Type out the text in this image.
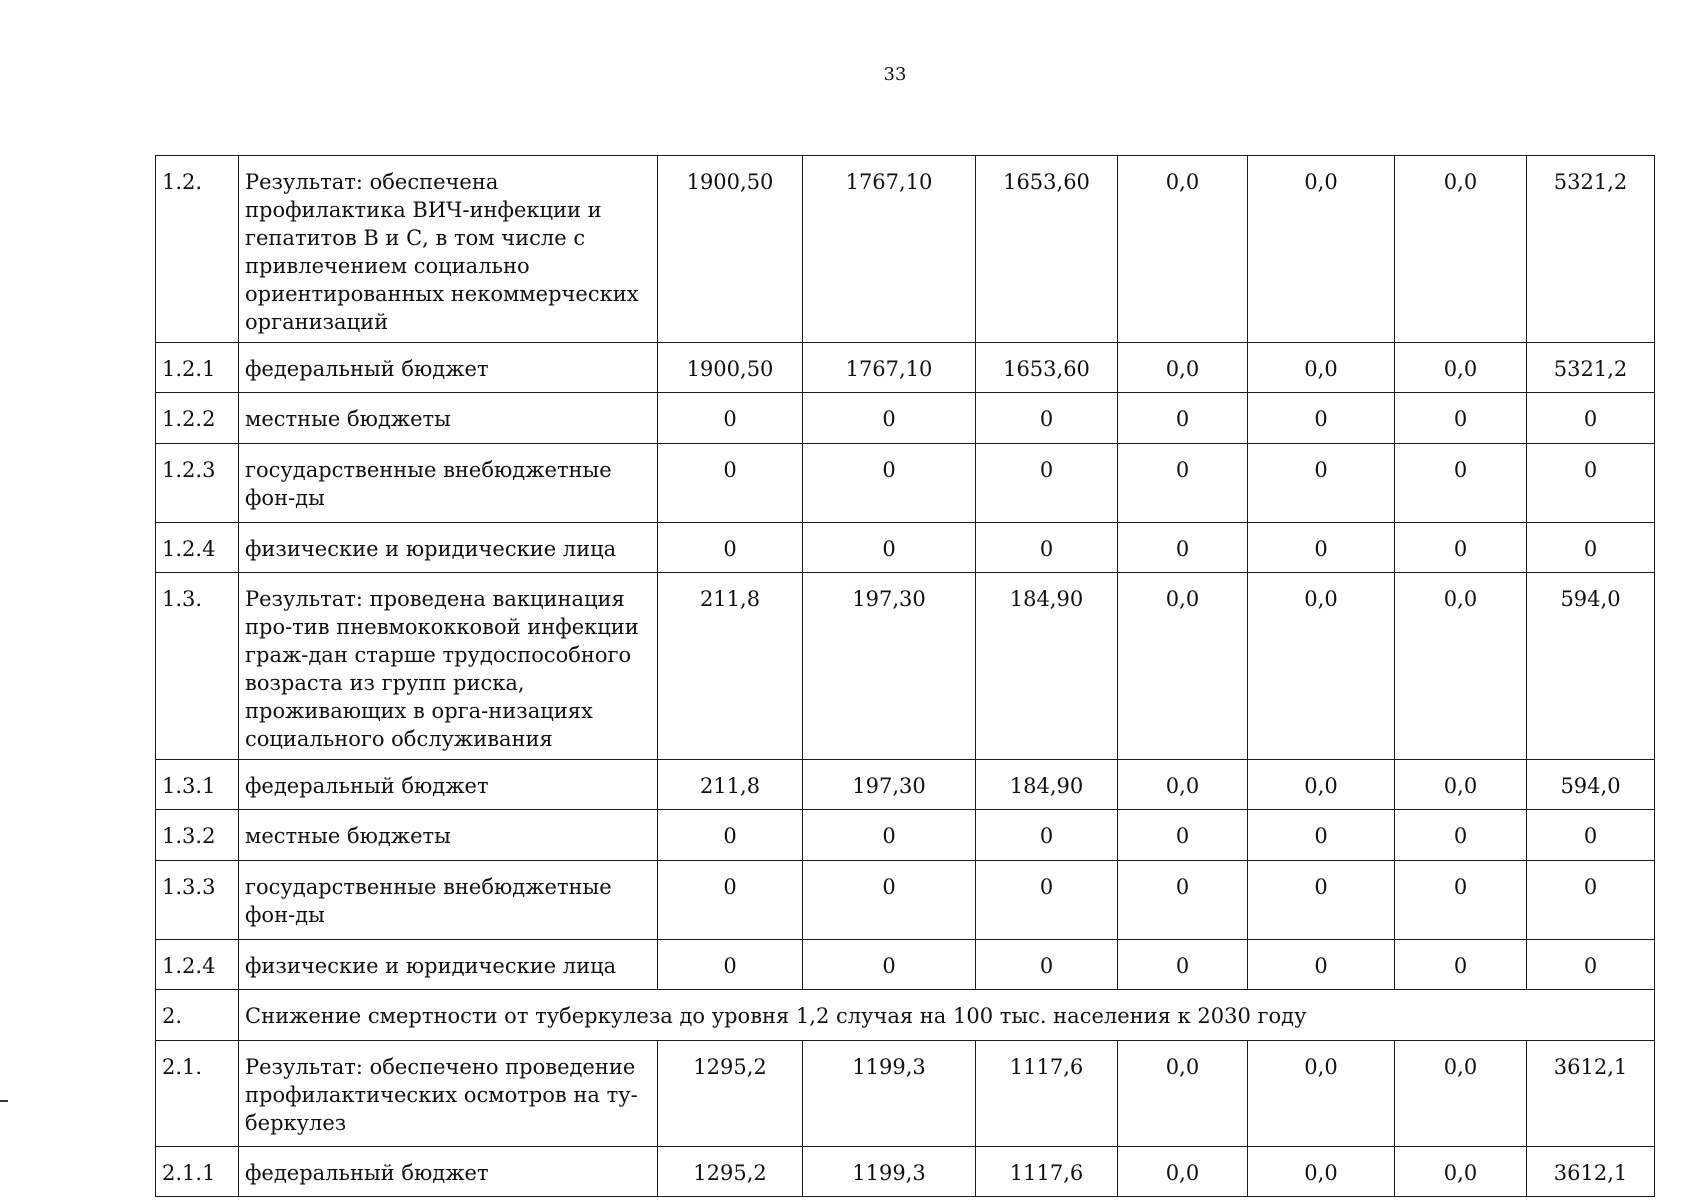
33
1.2.	Результат: обеспечена профилактика ВИЧ-инфекции и гепатитов В и С, в том числе с привлечением социально ориентированных некоммерческих организаций	1900,50	1767,10	1653,60	0,0	0,0	0,0	5321,2
1.2.1	федеральный бюджет	1900,50	1767,10	1653,60	0,0	0,0	0,0	5321,2
1.2.2	местные бюджеты	0	0	0	0	0	0	0
1.2.3	государственные внебюджетные фон-ды	0	0	0	0	0	0	0
1.2.4	физические и юридические лица	0	0	0	0	0	0	0
1.3.	Результат: проведена вакцинация про-тив пневмококковой инфекции граж-дан старше трудоспособного возраста из групп риска, проживающих в орга-низациях социального обслуживания	211,8	197,30	184,90	0,0	0,0	0,0	594,0
1.3.1	федеральный бюджет	211,8	197,30	184,90	0,0	0,0	0,0	594,0
1.3.2	местные бюджеты	0	0	0	0	0	0	0
1.3.3	государственные внебюджетные фон-ды	0	0	0	0	0	0	0
1.2.4	физические и юридические лица	0	0	0	0	0	0	0
2.	Снижение смертности от туберкулеза до уровня 1,2 случая на 100 тыс. населения к 2030 году							
2.1.	Результат: обеспечено проведение профилактических осмотров на ту-беркулез	1295,2	1199,3	1117,6	0,0	0,0	0,0	3612,1
2.1.1	федеральный бюджет	1295,2	1199,3	1117,6	0,0	0,0	0,0	3612,1
